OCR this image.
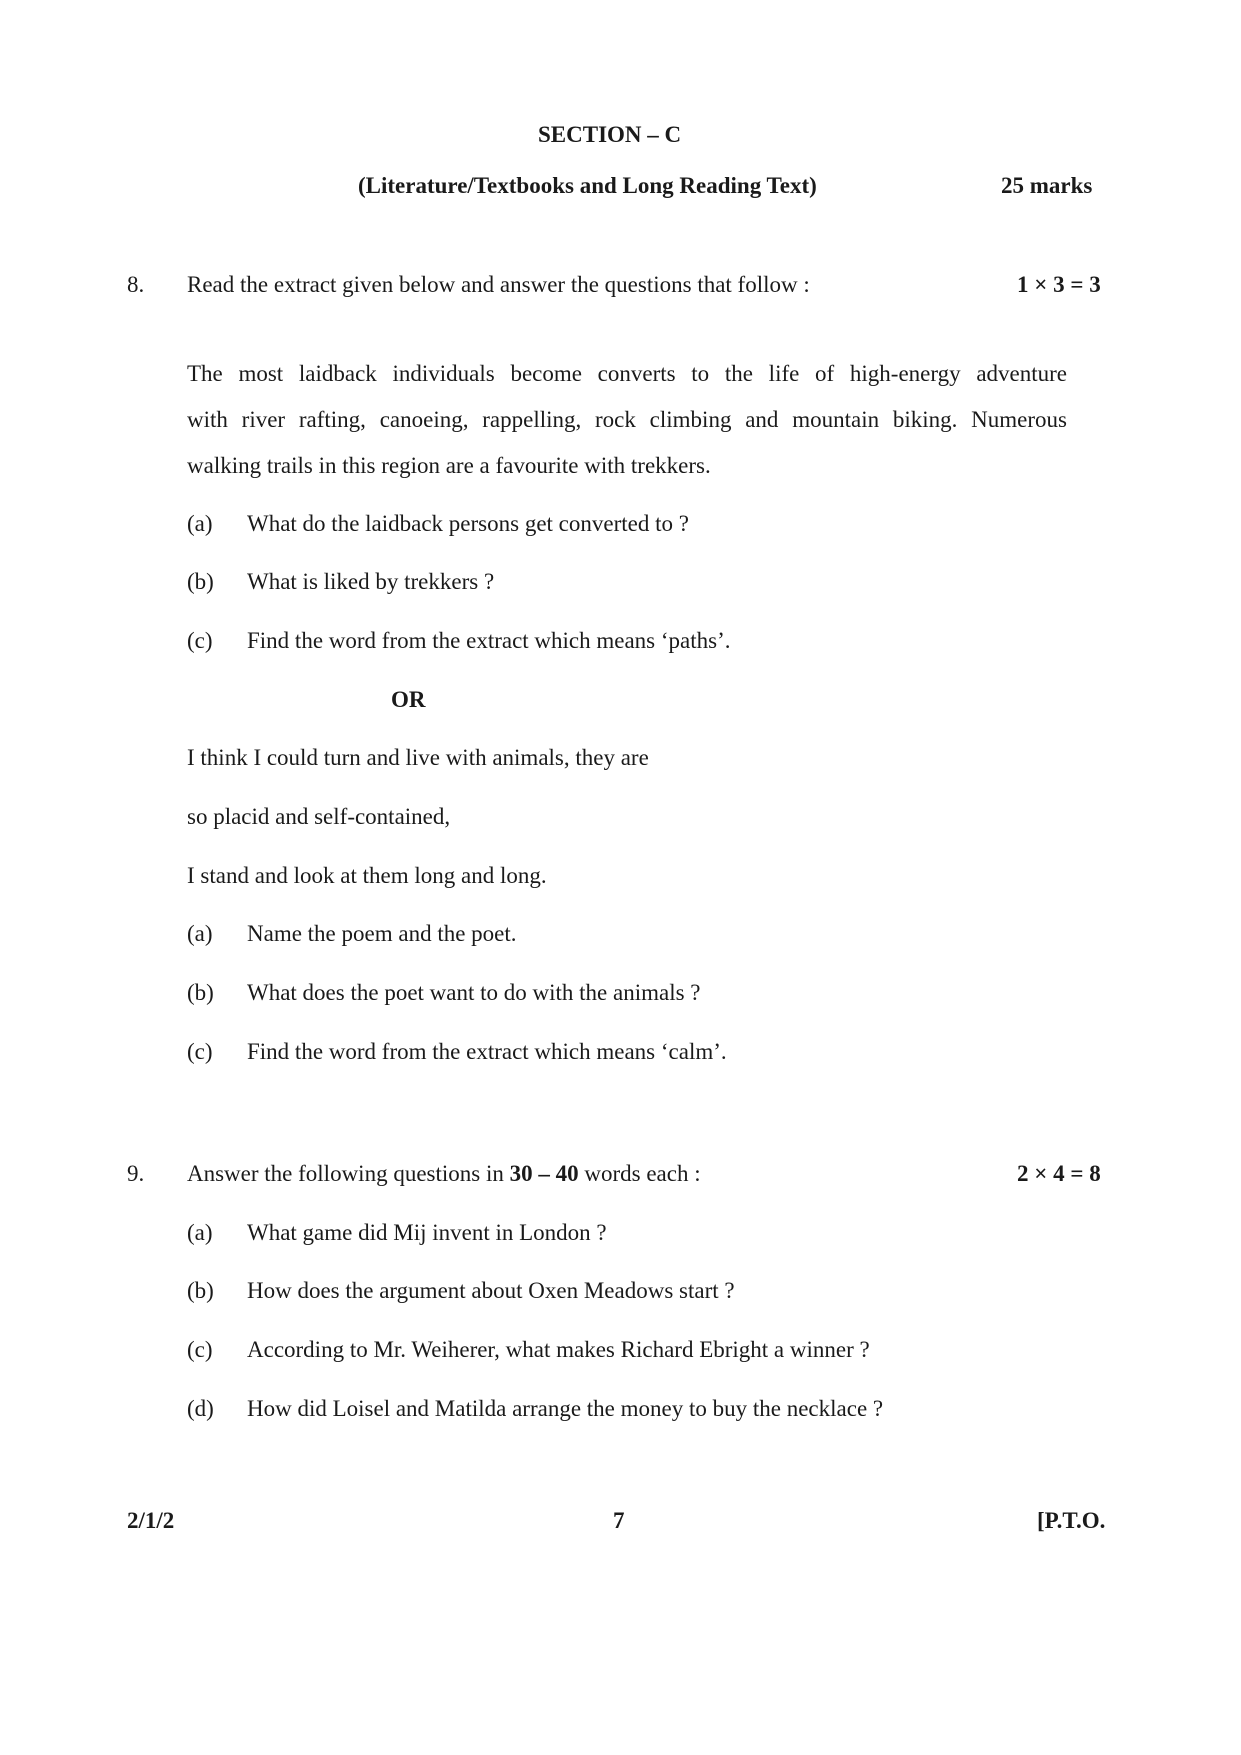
SECTION – C
(Literature/Textbooks and Long Reading Text)	25 marks
8. Read the extract given below and answer the questions that follow :	1 × 3 = 3
The most laidback individuals become converts to the life of high-energy adventure
with river rafting, canoeing, rappelling, rock climbing and mountain biking. Numerous
walking trails in this region are a favourite with trekkers.
(a) What do the laidback persons get converted to ?
(b) What is liked by trekkers ?
(c) Find the word from the extract which means ‘paths’.
OR
I think I could turn and live with animals, they are
so placid and self-contained,
I stand and look at them long and long.
(a) Name the poem and the poet.
(b) What does the poet want to do with the animals ?
(c) Find the word from the extract which means ‘calm’.
9. Answer the following questions in 30 – 40 words each :	2 × 4 = 8
(a) What game did Mij invent in London ?
(b) How does the argument about Oxen Meadows start ?
(c) According to Mr. Weiherer, what makes Richard Ebright a winner ?
(d) How did Loisel and Matilda arrange the money to buy the necklace ?
2/1/2	7	[P.T.O.
